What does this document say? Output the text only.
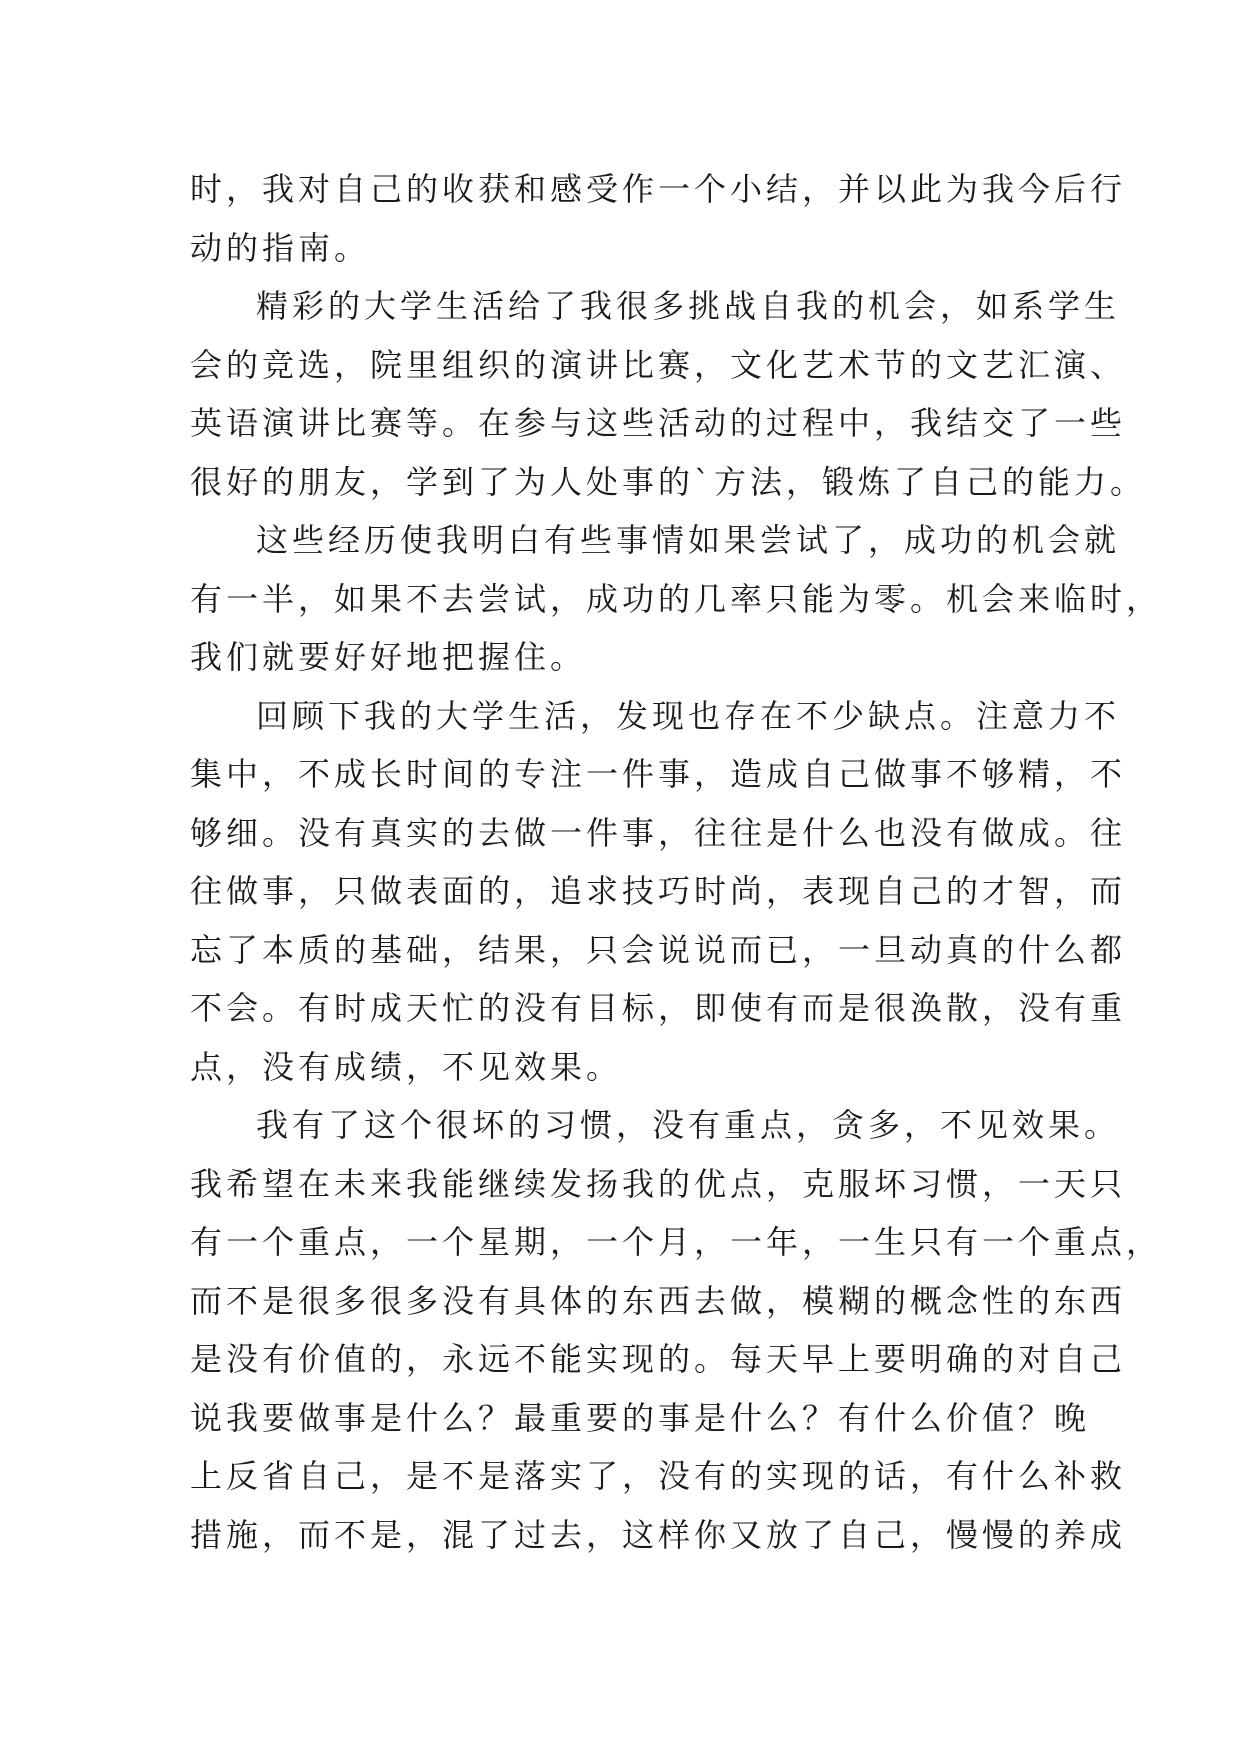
时，我对自己的收获和感受作一个小结，并以此为我今后行
动的指南。
精彩的大学生活给了我很多挑战自我的机会，如系学生
会的竞选，院里组织的演讲比赛，文化艺术节的文艺汇演、
英语演讲比赛等。在参与这些活动的过程中，我结交了一些
很好的朋友，学到了为人处事的`方法，锻炼了自己的能力。
这些经历使我明白有些事情如果尝试了，成功的机会就
有一半，如果不去尝试，成功的几率只能为零。机会来临时，
我们就要好好地把握住。
回顾下我的大学生活，发现也存在不少缺点。注意力不
集中，不成长时间的专注一件事，造成自己做事不够精，不
够细。没有真实的去做一件事，往往是什么也没有做成。往
往做事，只做表面的，追求技巧时尚，表现自己的才智，而
忘了本质的基础，结果，只会说说而已，一旦动真的什么都
不会。有时成天忙的没有目标，即使有而是很涣散，没有重
点，没有成绩，不见效果。
我有了这个很坏的习惯，没有重点，贪多，不见效果。
我希望在未来我能继续发扬我的优点，克服坏习惯，一天只
有一个重点，一个星期，一个月，一年，一生只有一个重点，
而不是很多很多没有具体的东西去做，模糊的概念性的东西
是没有价值的，永远不能实现的。每天早上要明确的对自己
说我要做事是什么？最重要的事是什么？有什么价值？晚
上反省自己，是不是落实了，没有的实现的话，有什么补救
措施，而不是，混了过去，这样你又放了自己，慢慢的养成
